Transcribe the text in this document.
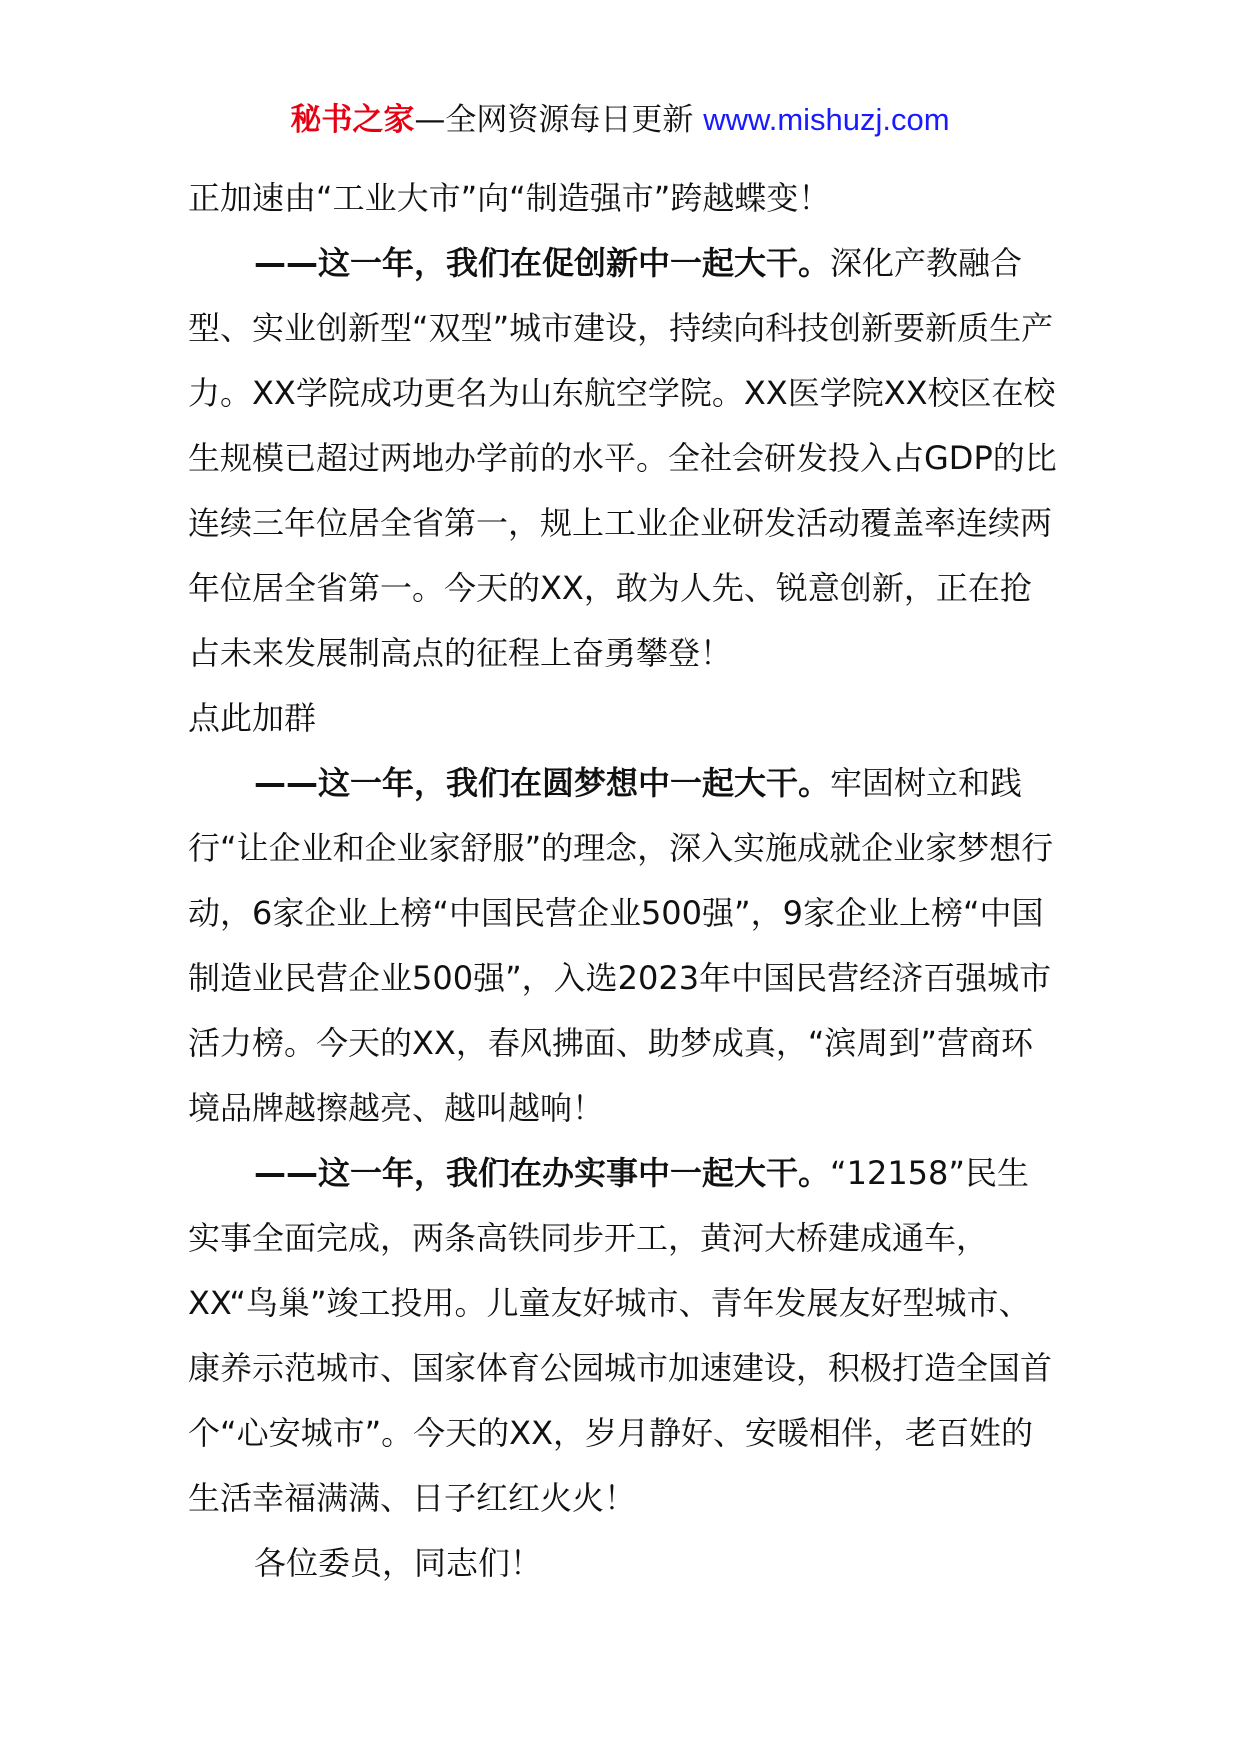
秘书之家—全网资源每日更新 www.mishuzj.com

正加速由“工业大市”向“制造强市”跨越蝶变！

——这一年，我们在促创新中一起大干。深化产教融合型、实业创新型“双型”城市建设，持续向科技创新要新质生产力。XX学院成功更名为山东航空学院。XX医学院XX校区在校生规模已超过两地办学前的水平。全社会研发投入占GDP的比连续三年位居全省第一，规上工业企业研发活动覆盖率连续两年位居全省第一。今天的XX，敢为人先、锐意创新，正在抢占未来发展制高点的征程上奋勇攀登！

点此加群

——这一年，我们在圆梦想中一起大干。牢固树立和践行“让企业和企业家舒服”的理念，深入实施成就企业家梦想行动，6家企业上榜“中国民营企业500强”，9家企业上榜“中国制造业民营企业500强”，入选2023年中国民营经济百强城市活力榜。今天的XX，春风拂面、助梦成真，“滨周到”营商环境品牌越擦越亮、越叫越响！

——这一年，我们在办实事中一起大干。“12158”民生实事全面完成，两条高铁同步开工，黄河大桥建成通车，XX“鸟巢”竣工投用。儿童友好城市、青年发展友好型城市、康养示范城市、国家体育公园城市加速建设，积极打造全国首个“心安城市”。今天的XX，岁月静好、安暖相伴，老百姓的生活幸福满满、日子红红火火！

各位委员，同志们！
